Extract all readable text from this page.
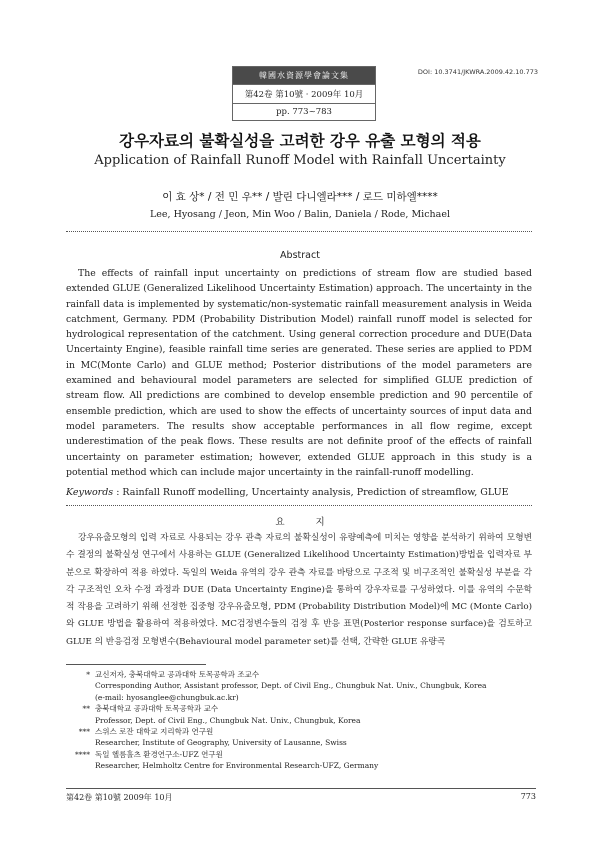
韓國水資源學會論文集
第42卷 第10號 · 2009年 10月
pp. 773~783
DOI: 10.3741/JKWRA.2009.42.10.773
강우자료의 불확실성을 고려한 강우 유출 모형의 적용
Application of Rainfall Runoff Model with Rainfall Uncertainty
이 효 상* / 전 민 우** / 발린 다니엘라*** / 로드 미하엘****
Lee, Hyosang / Jeon, Min Woo / Balin, Daniela / Rode, Michael
Abstract
The effects of rainfall input uncertainty on predictions of stream flow are studied based extended GLUE (Generalized Likelihood Uncertainty Estimation) approach. The uncertainty in the rainfall data is implemented by systematic/non-systematic rainfall measurement analysis in Weida catchment, Germany. PDM (Probability Distribution Model) rainfall runoff model is selected for hydrological representation of the catchment. Using general correction procedure and DUE(Data Uncertainty Engine), feasible rainfall time series are generated. These series are applied to PDM in MC(Monte Carlo) and GLUE method; Posterior distributions of the model parameters are examined and behavioural model parameters are selected for simplified GLUE prediction of stream flow. All predictions are combined to develop ensemble prediction and 90 percentile of ensemble prediction, which are used to show the effects of uncertainty sources of input data and model parameters. The results show acceptable performances in all flow regime, except underestimation of the peak flows. These results are not definite proof of the effects of rainfall uncertainty on parameter estimation; however, extended GLUE approach in this study is a potential method which can include major uncertainty in the rainfall-runoff modelling.
Keywords : Rainfall Runoff modelling, Uncertainty analysis, Prediction of streamflow, GLUE
요 지
강우유출모형의 입력 자료로 사용되는 강우 관측 자료의 불확실성이 유량예측에 미치는 영향을 분석하기 위하여 모형변수 결정의 불확실성 연구에서 사용하는 GLUE (Generalized Likelihood Uncertainty Estimation)방법을 입력자료 부분으로 확장하여 적용 하였다. 독일의 Weida 유역의 강우 관측 자료를 바탕으로 구조적 및 비구조적인 불확실성 부분을 각각 구조적인 오차 수정 과정과 DUE (Data Uncertainty Engine)을 통하여 강우자료를 구성하였다. 이를 유역의 수문학적 작용을 고려하기 위해 선정한 집중형 강우유출모형, PDM (Probability Distribution Model)에 MC (Monte Carlo)와 GLUE 방법을 활용하여 적용하였다. MC검정변수들의 검정 후 반응 표면(Posterior response surface)을 검토하고 GLUE 의 반응검정 모형변수(Behavioural model parameter set)를 선택, 간략한 GLUE 유량곡
* 교신저자, 충북대학교 공과대학 토목공학과 조교수
Corresponding Author, Assistant professor, Dept. of Civil Eng., Chungbuk Nat. Univ., Chungbuk, Korea
(e-mail: hyosanglee@chungbuk.ac.kr)
** 충북대학교 공과대학 토목공학과 교수
Professor, Dept. of Civil Eng., Chungbuk Nat. Univ., Chungbuk, Korea
*** 스위스 로잔 대학교 지리학과 연구원
Researcher, Institute of Geography, University of Lausanne, Swiss
**** 독일 헬름홀츠 환경연구소-UFZ 연구원
Researcher, Helmholtz Centre for Environmental Research-UFZ, Germany
第42卷 第10號 2009年 10月	773
